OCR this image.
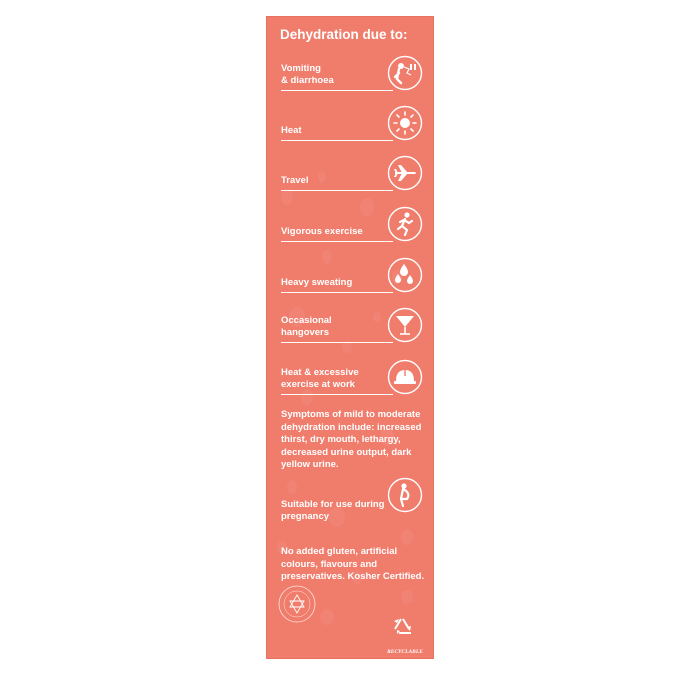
Dehydration due to:
Vomiting
& diarrhoea
Heat
Travel
Vigorous exercise
Heavy sweating
Occasional
hangovers
Heat & excessive
exercise at work
Symptoms of mild to moderate dehydration include: increased thirst, dry mouth, lethargy, decreased urine output, dark yellow urine.
Suitable for use during
pregnancy
No added gluten, artificial colours, flavours and preservatives. Kosher Certified.
RECYCLABLE
